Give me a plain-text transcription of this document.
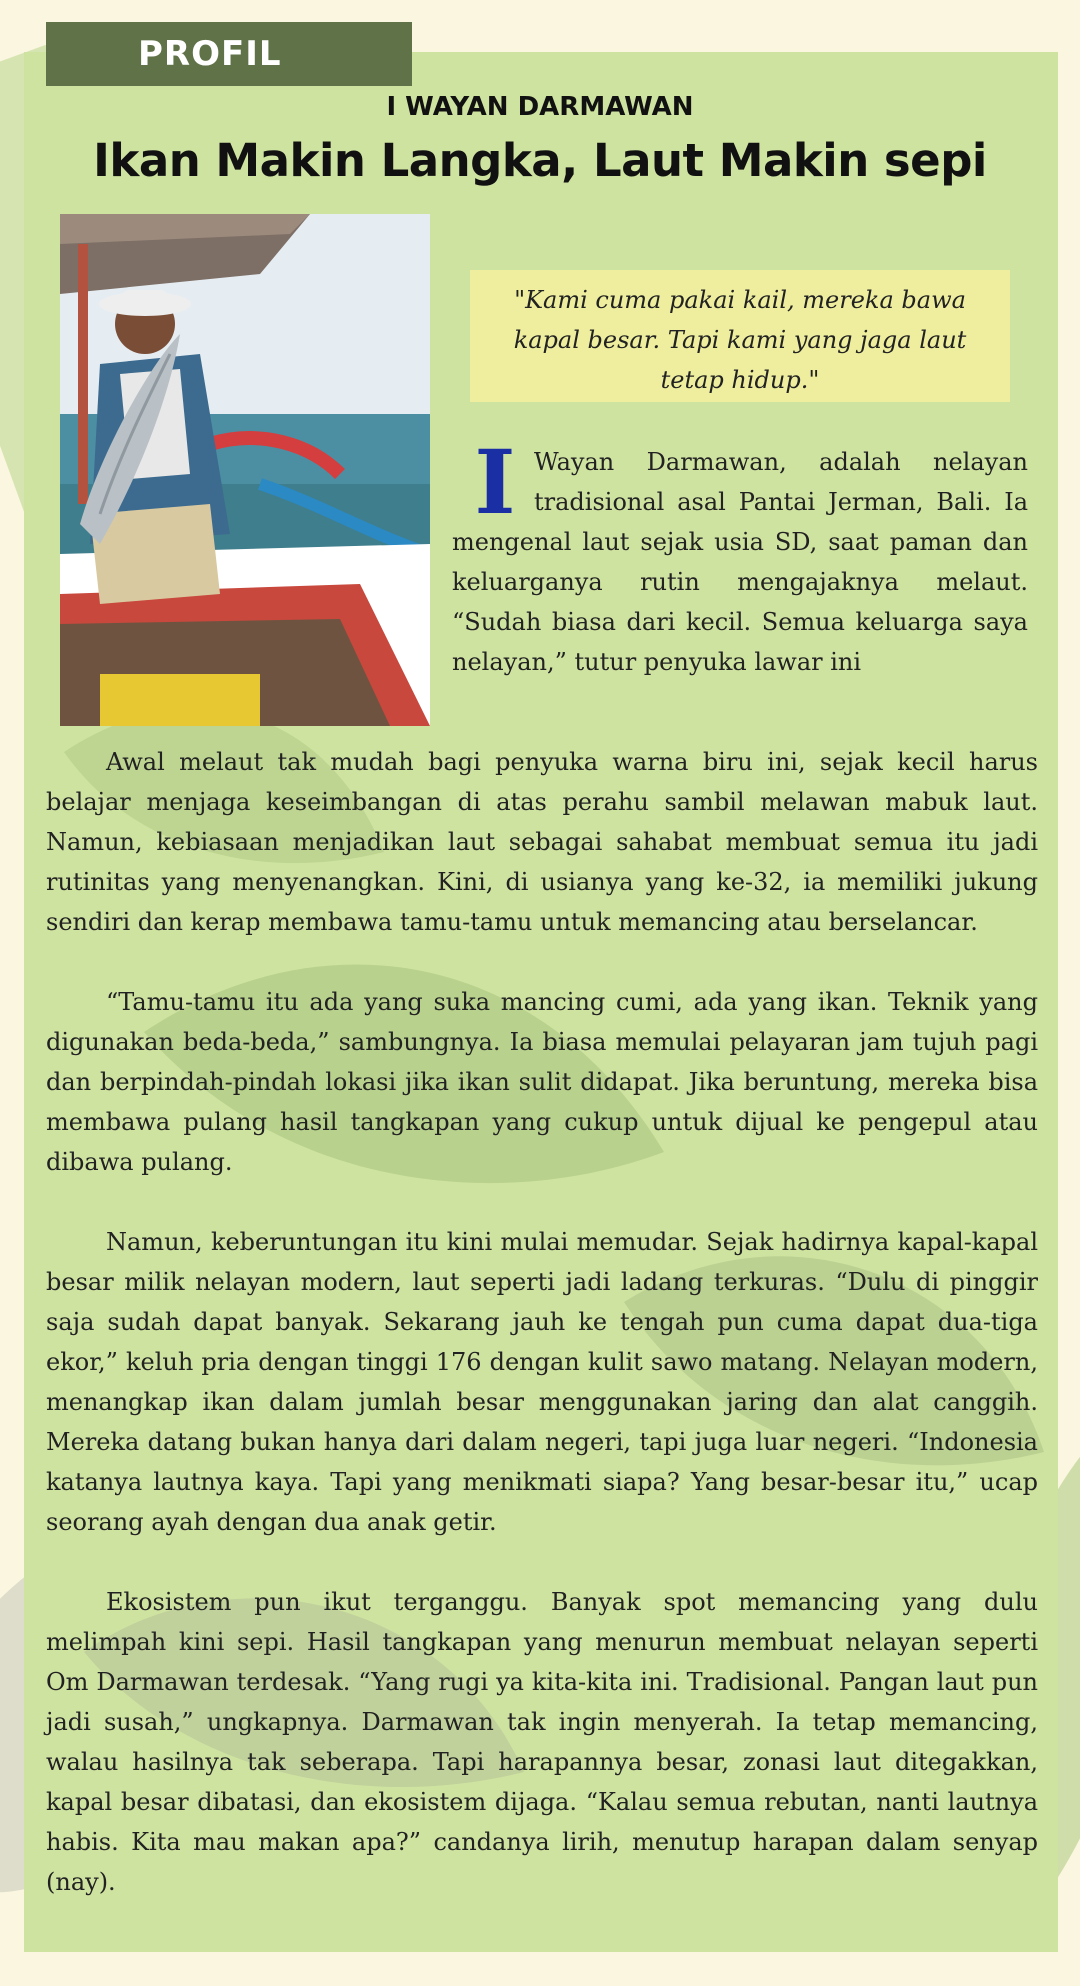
PROFIL
I WAYAN DARMAWAN
Ikan Makin Langka, Laut Makin sepi
"Kami cuma pakai kail, mereka bawa kapal besar. Tapi kami yang jaga laut tetap hidup."

I Wayan Darmawan, adalah nelayan tradisional asal Pantai Jerman, Bali. Ia mengenal laut sejak usia SD, saat paman dan keluarganya rutin mengajaknya melaut. “Sudah biasa dari kecil. Semua keluarga saya nelayan,” tutur penyuka lawar ini

Awal melaut tak mudah bagi penyuka warna biru ini, sejak kecil harus belajar menjaga keseimbangan di atas perahu sambil melawan mabuk laut. Namun, kebiasaan menjadikan laut sebagai sahabat membuat semua itu jadi rutinitas yang menyenangkan. Kini, di usianya yang ke-32, ia memiliki jukung sendiri dan kerap membawa tamu-tamu untuk memancing atau berselancar.

“Tamu-tamu itu ada yang suka mancing cumi, ada yang ikan. Teknik yang digunakan beda-beda,” sambungnya. Ia biasa memulai pelayaran jam tujuh pagi dan berpindah-pindah lokasi jika ikan sulit didapat. Jika beruntung, mereka bisa membawa pulang hasil tangkapan yang cukup untuk dijual ke pengepul atau dibawa pulang.

Namun, keberuntungan itu kini mulai memudar. Sejak hadirnya kapal-kapal besar milik nelayan modern, laut seperti jadi ladang terkuras. “Dulu di pinggir saja sudah dapat banyak. Sekarang jauh ke tengah pun cuma dapat dua-tiga ekor,” keluh pria dengan tinggi 176 dengan kulit sawo matang. Nelayan modern, menangkap ikan dalam jumlah besar menggunakan jaring dan alat canggih. Mereka datang bukan hanya dari dalam negeri, tapi juga luar negeri. “Indonesia katanya lautnya kaya. Tapi yang menikmati siapa? Yang besar-besar itu,” ucap seorang ayah dengan dua anak getir.

Ekosistem pun ikut terganggu. Banyak spot memancing yang dulu melimpah kini sepi. Hasil tangkapan yang menurun membuat nelayan seperti Om Darmawan terdesak. “Yang rugi ya kita-kita ini. Tradisional. Pangan laut pun jadi susah,” ungkapnya. Darmawan tak ingin menyerah. Ia tetap memancing, walau hasilnya tak seberapa. Tapi harapannya besar, zonasi laut ditegakkan, kapal besar dibatasi, dan ekosistem dijaga. “Kalau semua rebutan, nanti lautnya habis. Kita mau makan apa?” candanya lirih, menutup harapan dalam senyap (nay).
